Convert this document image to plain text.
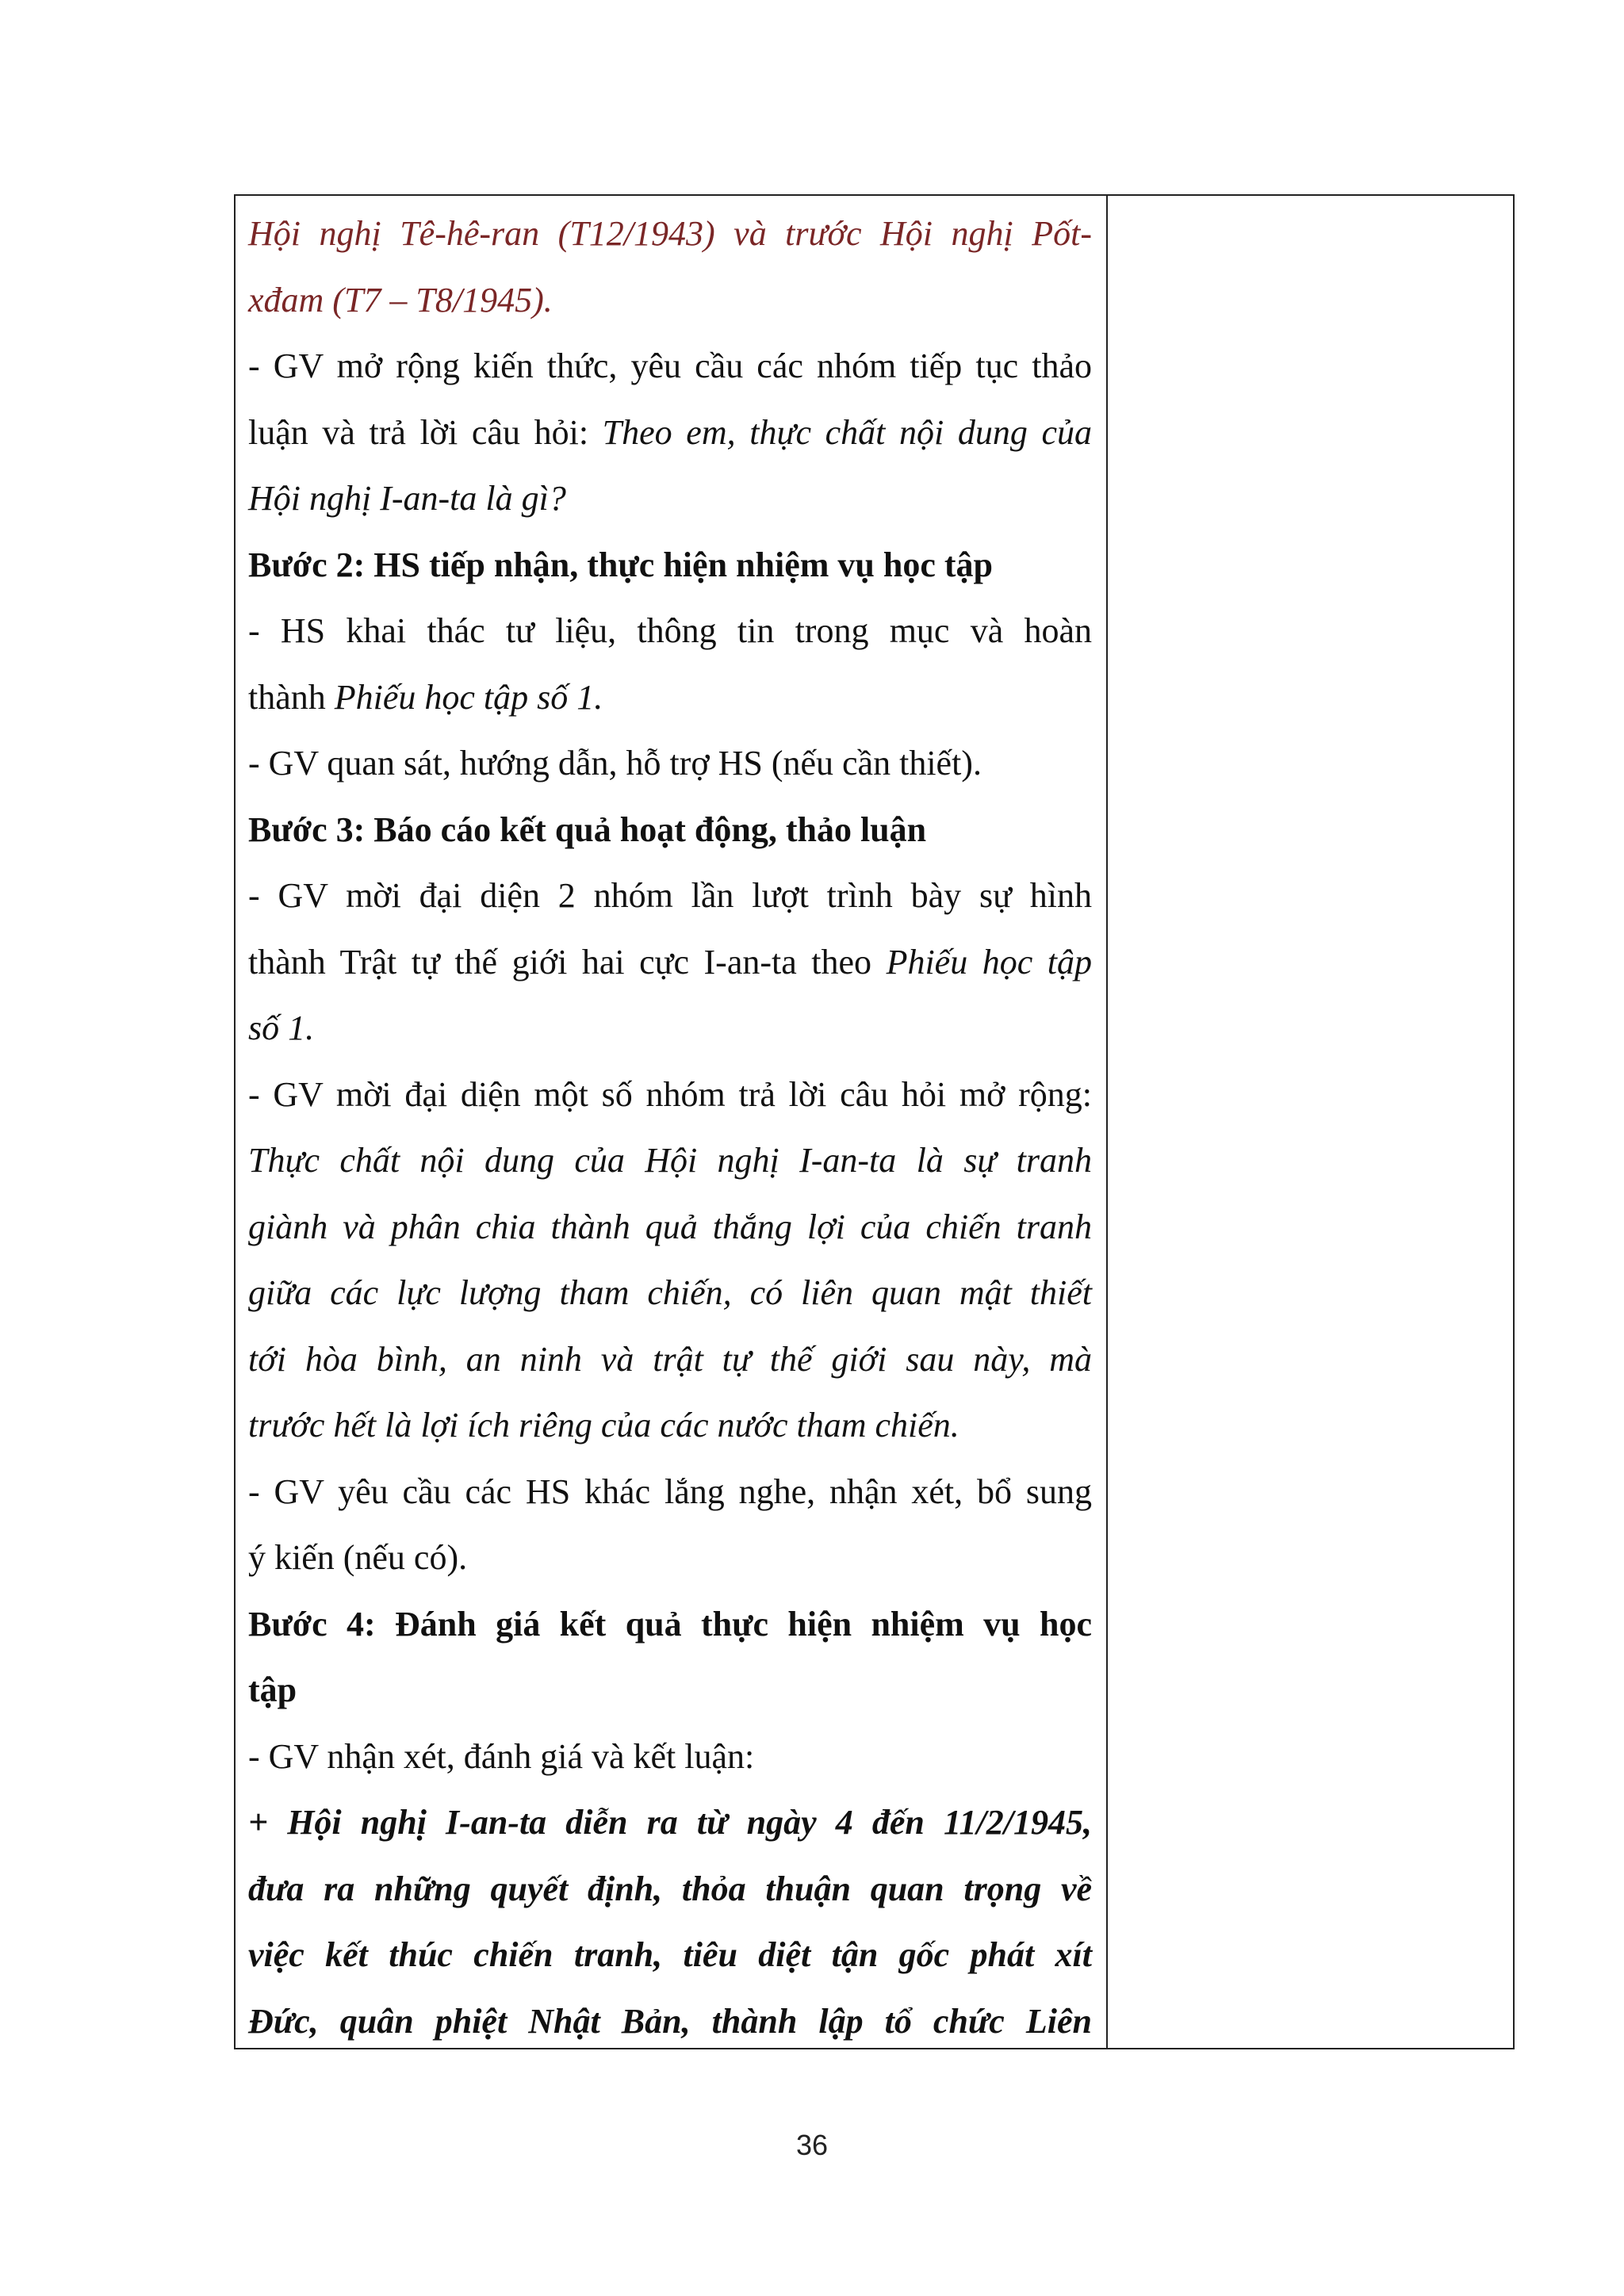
Hội nghị Tê-hê-ran (T12/1943) và trước Hội nghị Pốt-
xđam (T7 – T8/1945).
- GV mở rộng kiến thức, yêu cầu các nhóm tiếp tục thảo
luận và trả lời câu hỏi: Theo em, thực chất nội dung của
Hội nghị I-an-ta là gì?
Bước 2: HS tiếp nhận, thực hiện nhiệm vụ học tập
- HS khai thác tư liệu, thông tin trong mục và hoàn
thành Phiếu học tập số 1.
- GV quan sát, hướng dẫn, hỗ trợ HS (nếu cần thiết).
Bước 3: Báo cáo kết quả hoạt động, thảo luận
- GV mời đại diện 2 nhóm lần lượt trình bày sự hình
thành Trật tự thế giới hai cực I-an-ta theo Phiếu học tập
số 1.
- GV mời đại diện một số nhóm trả lời câu hỏi mở rộng:
Thực chất nội dung của Hội nghị I-an-ta là sự tranh
giành và phân chia thành quả thắng lợi của chiến tranh
giữa các lực lượng tham chiến, có liên quan mật thiết
tới hòa bình, an ninh và trật tự thế giới sau này, mà
trước hết là lợi ích riêng của các nước tham chiến.
- GV yêu cầu các HS khác lắng nghe, nhận xét, bổ sung
ý kiến (nếu có).
Bước 4: Đánh giá kết quả thực hiện nhiệm vụ học
tập
- GV nhận xét, đánh giá và kết luận:
+ Hội nghị I-an-ta diễn ra từ ngày 4 đến 11/2/1945,
đưa ra những quyết định, thỏa thuận quan trọng về
việc kết thúc chiến tranh, tiêu diệt tận gốc phát xít
Đức, quân phiệt Nhật Bản, thành lập tổ chức Liên
36
